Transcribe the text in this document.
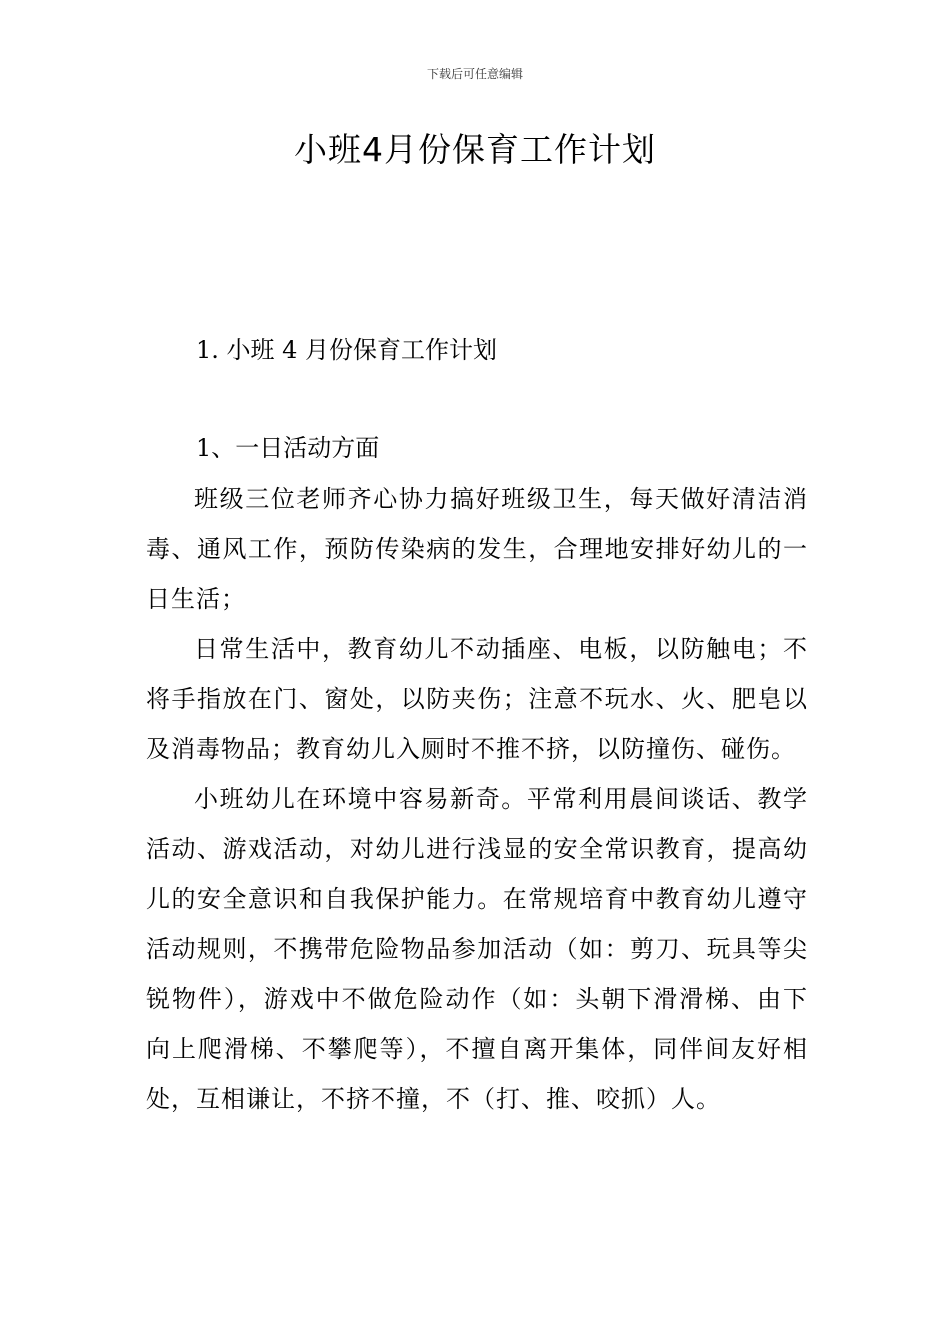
下载后可任意编辑
小班4月份保育工作计划
1. 小班 4 月份保育工作计划
1、一日活动方面

班级三位老师齐心协力搞好班级卫生，每天做好清洁消毒、通风工作，预防传染病的发生，合理地安排好幼儿的一日生活；

日常生活中，教育幼儿不动插座、电板，以防触电；不将手指放在门、窗处，以防夹伤；注意不玩水、火、肥皂以及消毒物品；教育幼儿入厕时不推不挤，以防撞伤、碰伤。

小班幼儿在环境中容易新奇。平常利用晨间谈话、教学活动、游戏活动，对幼儿进行浅显的安全常识教育，提高幼儿的安全意识和自我保护能力。在常规培育中教育幼儿遵守活动规则，不携带危险物品参加活动（如：剪刀、玩具等尖锐物件），游戏中不做危险动作（如：头朝下滑滑梯、由下向上爬滑梯、不攀爬等），不擅自离开集体，同伴间友好相处，互相谦让，不挤不撞，不（打、推、咬抓）人。
